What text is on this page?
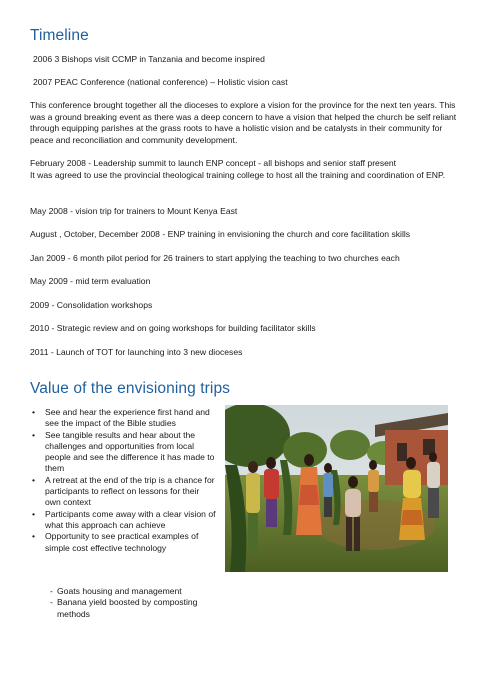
Timeline

2006 3 Bishops visit CCMP in Tanzania and become inspired

2007 PEAC Conference (national conference) – Holistic vision cast

This conference brought together all the dioceses to explore a vision for the province for the next ten years. This was a ground breaking event as there was a deep concern to have a vision that helped the church be self reliant through equipping parishes at the grass roots to have a holistic vision and be catalysts in their community for peace and reconciliation and community development.

February 2008 - Leadership summit to launch ENP concept - all bishops and senior staff present

It was agreed to use the provincial theological training college to host all the training and coordination of ENP.

May 2008 - vision trip for trainers to Mount Kenya East

August , October, December 2008 - ENP training in envisioning the church and core facilitation skills

Jan 2009 - 6 month pilot period for 26 trainers to start applying the teaching to two churches each

May 2009 - mid term evaluation

2009 - Consolidation workshops

2010 - Strategic review and on going workshops for building facilitator skills

2011 - Launch of TOT for launching into 3 new dioceses

Value of the envisioning trips
• See and hear the experience first hand and see the impact of the Bible studies
• See tangible results and hear about the challenges and opportunities from local people and see the difference it has made to them
• A retreat at the end of the trip is a chance for participants to reflect on lessons for their own context
• Participants come away with a clear vision of what this approach can achieve
• Opportunity to see practical examples of simple cost effective technology
- Goats housing and management
- Banana yield boosted by composting methods
